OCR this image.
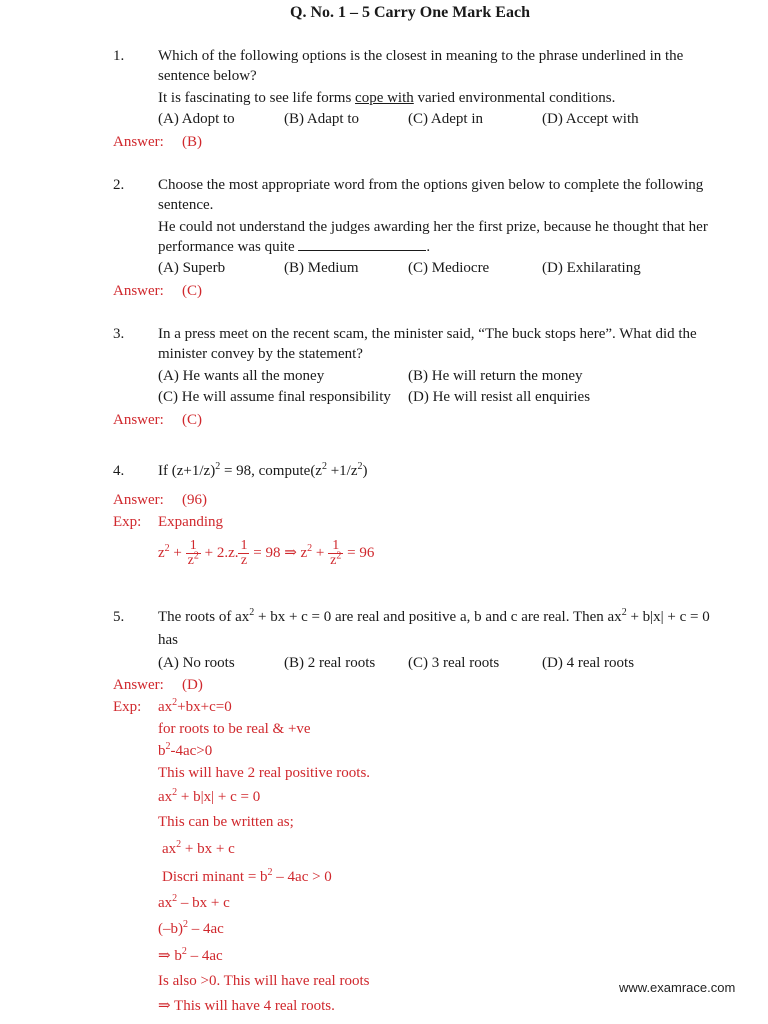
Q. No. 1 – 5 Carry One Mark Each
1. Which of the following options is the closest in meaning to the phrase underlined in the
sentence below?
It is fascinating to see life forms cope with varied environmental conditions.
(A) Adopt to	(B) Adapt to	(C) Adept in	(D) Accept with
Answer: (B)
2. Choose the most appropriate word from the options given below to complete the following
sentence.
He could not understand the judges awarding her the first prize, because he thought that her
performance was quite	.
(A) Superb	(B) Medium	(C) Mediocre	(D) Exhilarating
Answer: (C)
3. In a press meet on the recent scam, the minister said, “The buck stops here”. What did the
minister convey by the statement?
(A) He wants all the money	(B) He will return the money
(C) He will assume final responsibility (D) He will resist all enquiries
Answer: (C)
4. If $(z+1/z)^2 = 98$, $compute(z^2 +1/z^2)$
Answer: (96)
Exp: Expanding
$z^2 + \frac{1}{z^2} + 2.z$. $\frac{1}{z} = 98$ ⇒ $z^2 + \frac{1}{z^2} = 96$
5. The roots of $ax^2$ + bx + c = 0 are real and positive a, b and c are real. Then $ax^2 + b|x| + c = 0$
has
(A) No roots	(B) 2 real roots (C) 3 real roots	(D) 4 real roots
Answer: (D)
Exp: $ax^2+bx+c=0$
for roots to be real & +ve
$b^2-4ac>0$
This will have 2 real positive roots.
$ax^2 + b|x| + c = 0$
This can be written as;
$ax^2$ + bx + c
Discri minant = $b^2 - 4ac > 0$
$ax^2$ – bx + c
$(-b)^2 - 4ac$
⇒ $b^2 - 4ac$
Is also >0. This will have real roots
⇒ This will have 4 real roots.
www.examrace.com
